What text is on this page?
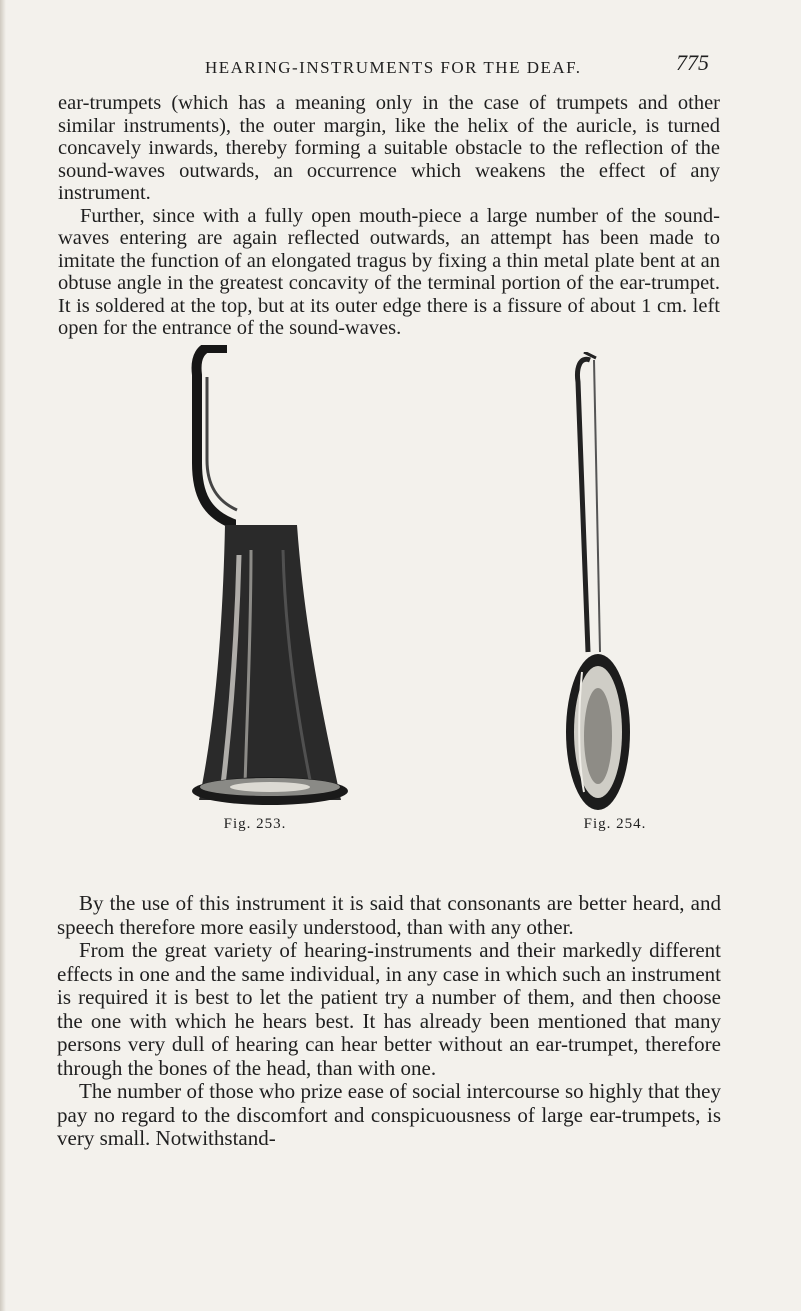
HEARING-INSTRUMENTS FOR THE DEAF.	775

ear-trumpets (which has a meaning only in the case of trumpets and other similar instruments), the outer margin, like the helix of the auricle, is turned concavely inwards, thereby forming a suitable obstacle to the reflection of the sound-waves outwards, an occurrence which weakens the effect of any instrument.

Further, since with a fully open mouth-piece a large number of the sound-waves entering are again reflected outwards, an attempt has been made to imitate the function of an elongated tragus by fixing a thin metal plate bent at an obtuse angle in the greatest concavity of the terminal portion of the ear-trumpet. It is soldered at the top, but at its outer edge there is a fissure of about 1 cm. left open for the entrance of the sound-waves.

Fig. 253.	Fig. 254.

By the use of this instrument it is said that consonants are better heard, and speech therefore more easily understood, than with any other.

From the great variety of hearing-instruments and their markedly different effects in one and the same individual, in any case in which such an instrument is required it is best to let the patient try a number of them, and then choose the one with which he hears best. It has already been mentioned that many persons very dull of hearing can hear better without an ear-trumpet, therefore through the bones of the head, than with one.

The number of those who prize ease of social intercourse so highly that they pay no regard to the discomfort and conspicuousness of large ear-trumpets, is very small. Notwithstand-
